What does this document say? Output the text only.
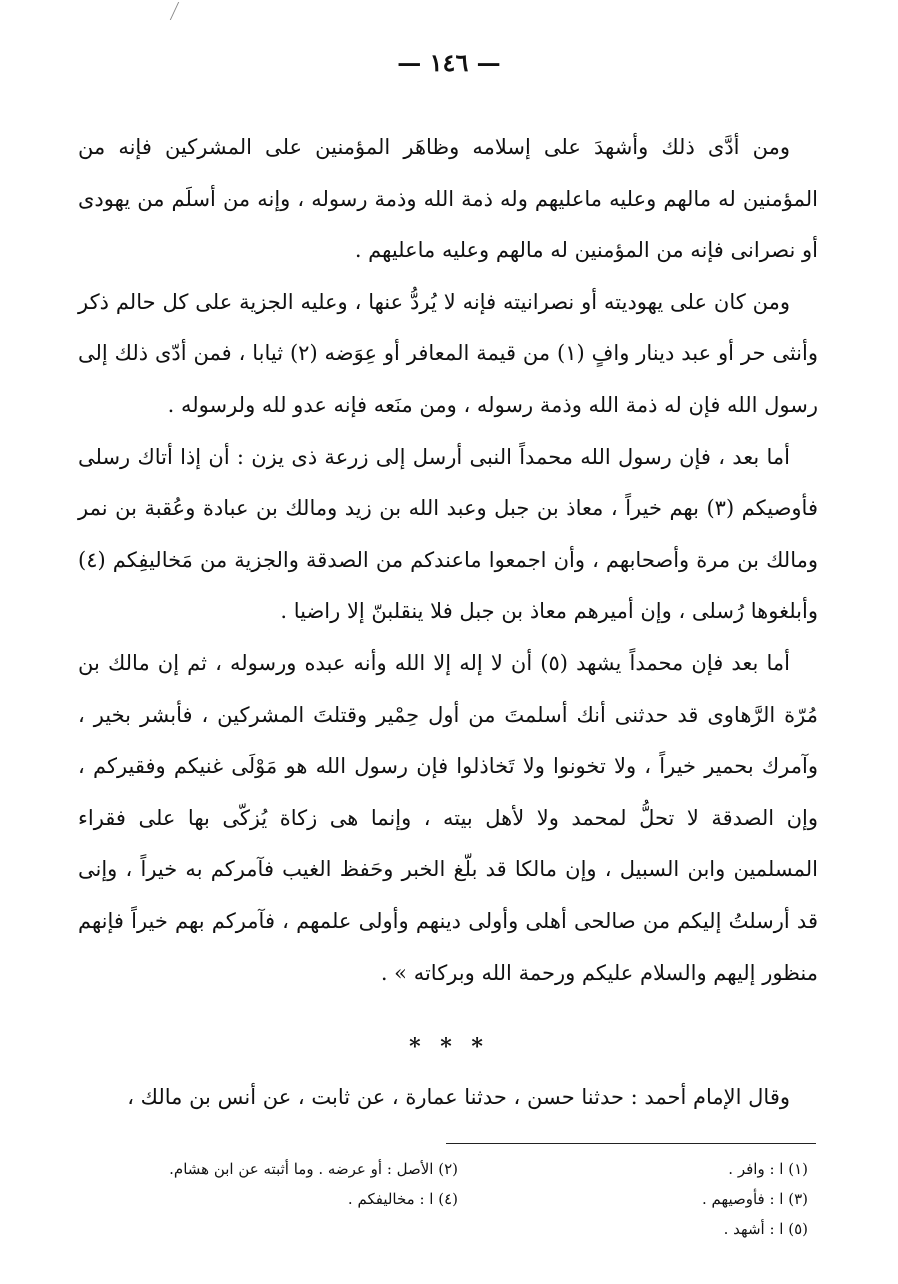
— ١٤٦ —

ومن أدَّى ذلك وأشهدَ على إسلامه وظاهَر المؤمنين على المشركين فإنه من المؤمنين له مالهم وعليه ماعليهم وله ذمة الله وذمة رسوله ، وإنه من أسلَم من يهودى أو نصرانى فإنه من المؤمنين له مالهم وعليه ماعليهم .

ومن كان على يهوديته أو نصرانيته فإنه لا يُردُّ عنها ، وعليه الجزية على كل حالم ذكر وأنثى حر أو عبد دينار وافٍ (١) من قيمة المعافر أو عِوَضه (٢) ثيابا ، فمن أدّى ذلك إلى رسول الله فإن له ذمة الله وذمة رسوله ، ومن منَعه فإنه عدو لله ولرسوله .

أما بعد ، فإن رسول الله محمداً النبى أرسل إلى زرعة ذى يزن : أن إذا أتاك رسلى فأوصيكم (٣) بهم خيراً ، معاذ بن جبل وعبد الله بن زيد ومالك بن عبادة وعُقبة بن نمر ومالك بن مرة وأصحابهم ، وأن اجمعوا ماعندكم من الصدقة والجزية من مَخاليفِكم (٤) وأبلغوها رُسلى ، وإن أميرهم معاذ بن جبل فلا ينقلبنّ إلا راضيا .

أما بعد فإن محمداً يشهد (٥) أن لا إله إلا الله وأنه عبده ورسوله ، ثم إن مالك بن مُرّة الرَّهاوى قد حدثنى أنك أسلمتَ من أول حِمْير وقتلتَ المشركين ، فأبشر بخير ، وآمرك بحمير خيراً ، ولا تخونوا ولا تَخاذلوا فإن رسول الله هو مَوْلَى غنيكم وفقيركم ، وإن الصدقة لا تحلُّ لمحمد ولا لأهل بيته ، وإنما هى زكاة يُزكّى بها على فقراء المسلمين وابن السبيل ، وإن مالكا قد بلّغ الخبر وحَفظ الغيب فآمركم به خيراً ، وإنى قد أرسلتُ إليكم من صالحى أهلى وأولى دينهم وأولى علمهم ، فآمركم بهم خيراً فإنهم منظور إليهم والسلام عليكم ورحمة الله وبركاته » .

* * *
وقال الإمام أحمد : حدثنا حسن ، حدثنا عمارة ، عن ثابت ، عن أنس بن مالك ،
(١) ا : وافر .
(٣) ا : فأوصيهم .
(٥) ا : أشهد .
(٢) الأصل : أو عرضه . وما أثبته عن ابن هشام.
(٤) ا : مخاليفكم .
